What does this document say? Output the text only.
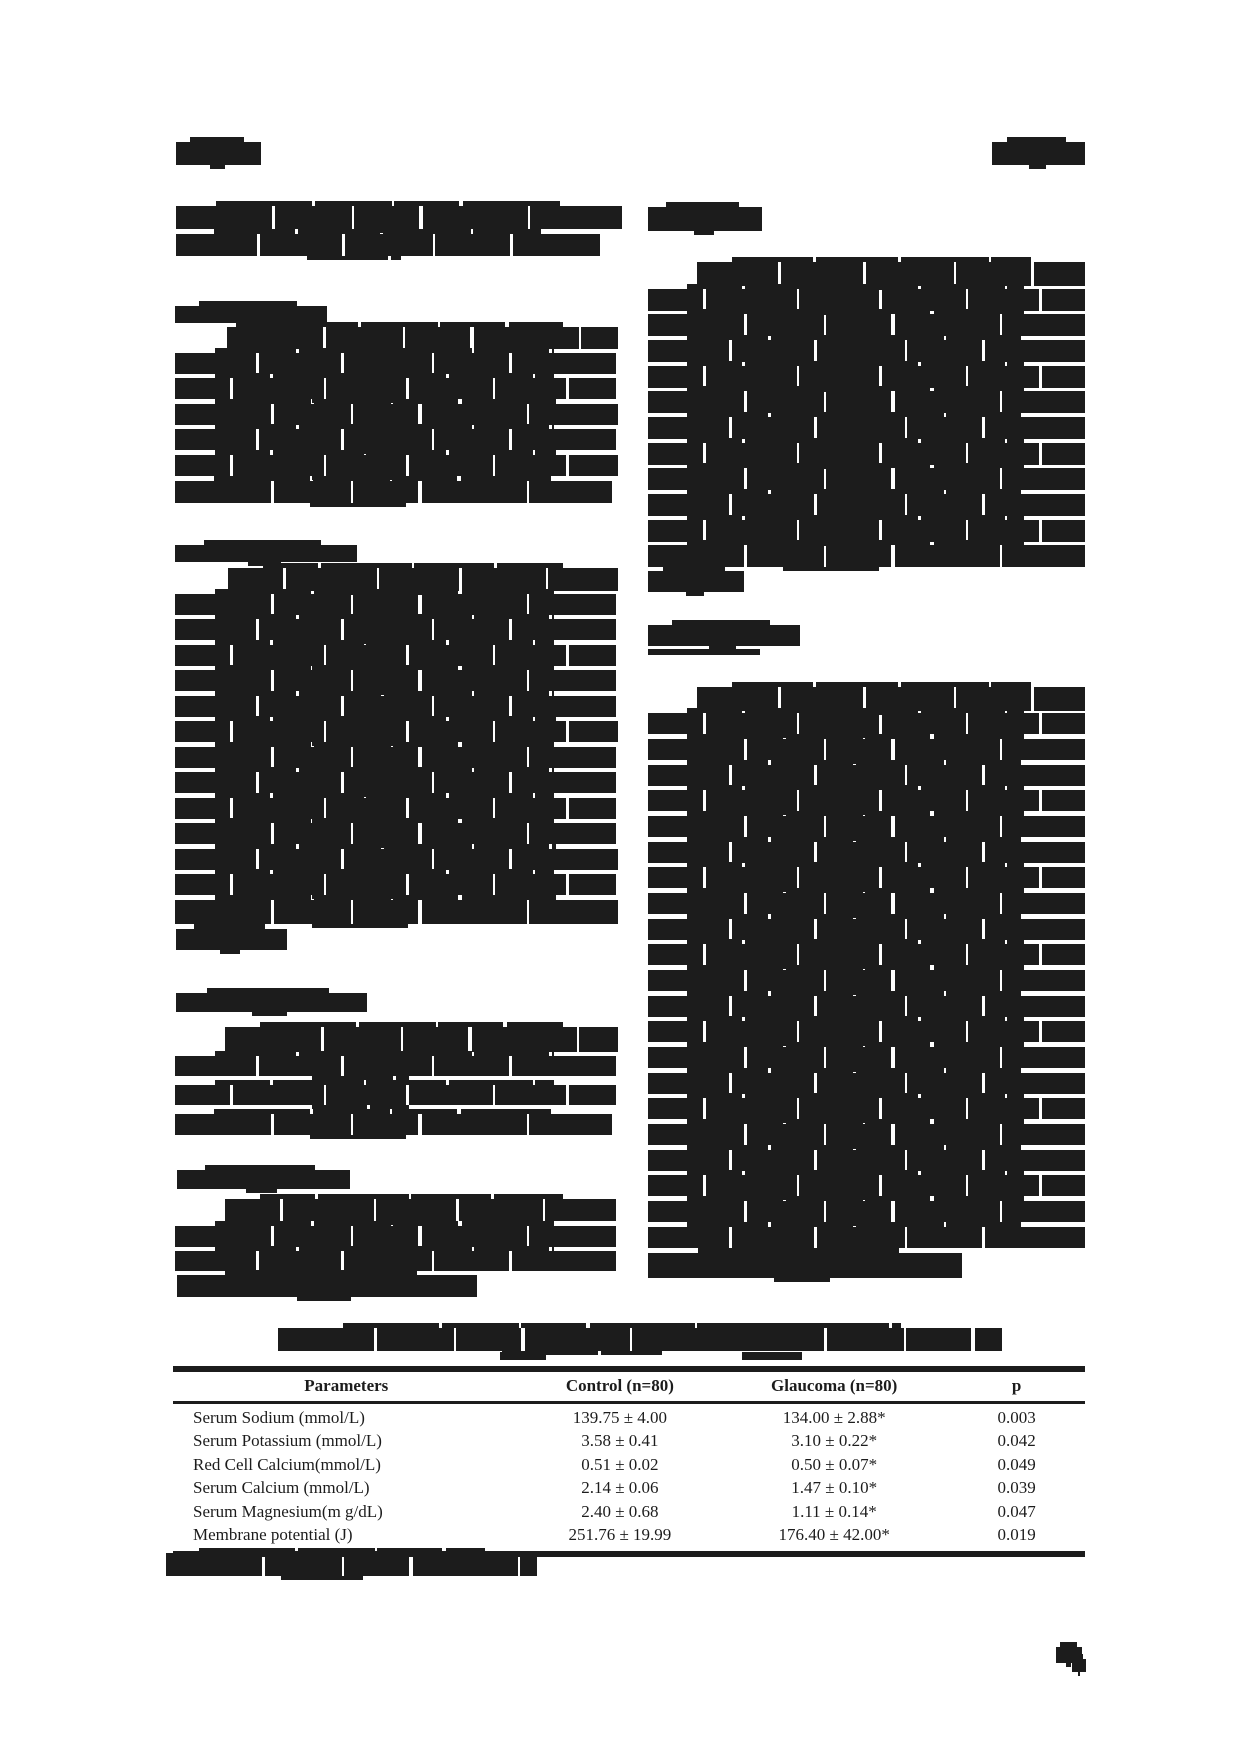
Parameters	Control (n=80)	Glaucoma (n=80)	p
Serum Sodium (mmol/L)	139.75 ± 4.00	134.00 ± 2.88*	0.003
Serum Potassium (mmol/L)	3.58 ± 0.41	3.10 ± 0.22*	0.042
Red Cell Calcium(mmol/L)	0.51 ± 0.02	0.50 ± 0.07*	0.049
Serum Calcium (mmol/L)	2.14 ± 0.06	1.47 ± 0.10*	0.039
Serum Magnesium(m g/dL)	2.40 ± 0.68	1.11 ± 0.14*	0.047
Membrane potential (J)	251.76 ± 19.99	176.40 ± 42.00*	0.019
